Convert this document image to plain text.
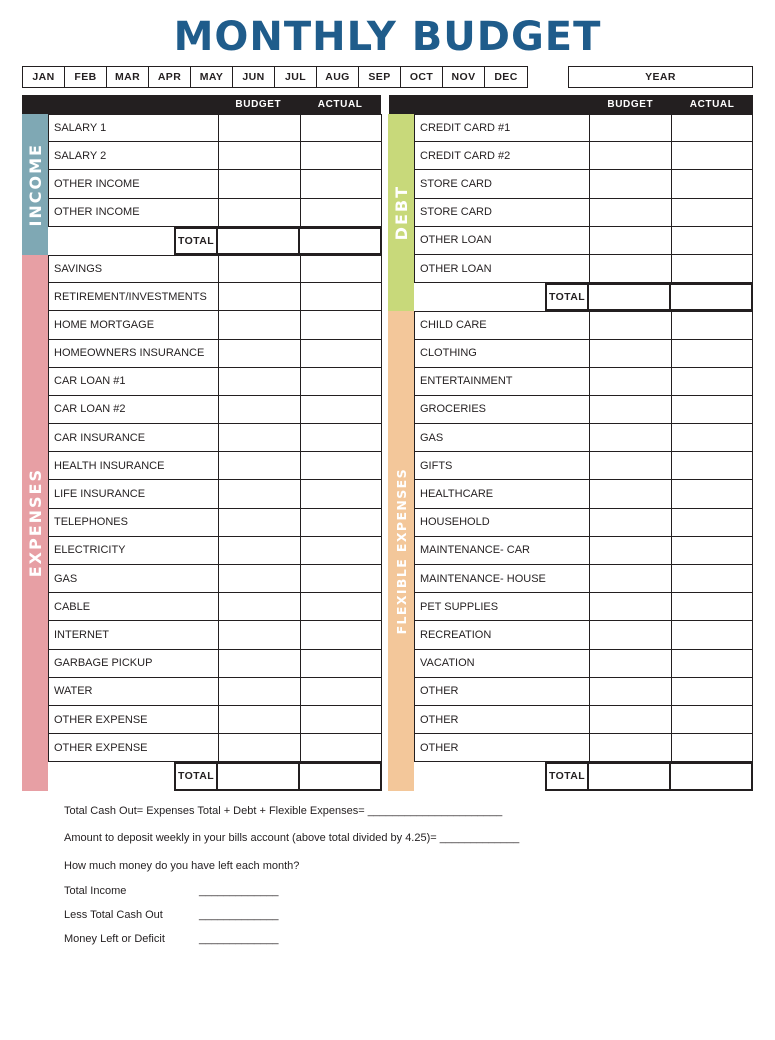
MONTHLY BUDGET
JAN	FEB	MAR	APR	MAY	JUN	JUL	AUG	SEP	OCT	NOV	DEC	YEAR
BUDGET	ACTUAL	BUDGET	ACTUAL
INCOME
SALARY 1
SALARY 2
OTHER INCOME
OTHER INCOME
TOTAL
EXPENSES
SAVINGS
RETIREMENT/INVESTMENTS
HOME MORTGAGE
HOMEOWNERS INSURANCE
CAR LOAN #1
CAR LOAN #2
CAR INSURANCE
HEALTH INSURANCE
LIFE INSURANCE
TELEPHONES
ELECTRICITY
GAS
CABLE
INTERNET
GARBAGE PICKUP
WATER
OTHER EXPENSE
OTHER EXPENSE
TOTAL
DEBT
CREDIT CARD #1
CREDIT CARD #2
STORE CARD
STORE CARD
OTHER LOAN
OTHER LOAN
TOTAL
FLEXIBLE EXPENSES
CHILD CARE
CLOTHING
ENTERTAINMENT
GROCERIES
GAS
GIFTS
HEALTHCARE
HOUSEHOLD
MAINTENANCE- CAR
MAINTENANCE- HOUSE
PET SUPPLIES
RECREATION
VACATION
OTHER
OTHER
OTHER
TOTAL

Total Cash Out= Expenses Total + Debt + Flexible Expenses= ______________________

Amount to deposit weekly in your bills account (above total divided by 4.25)= _____________

How much money do you have left each month?

Total Income	_____________
Less Total Cash Out	_____________
Money Left or Deficit	_____________
